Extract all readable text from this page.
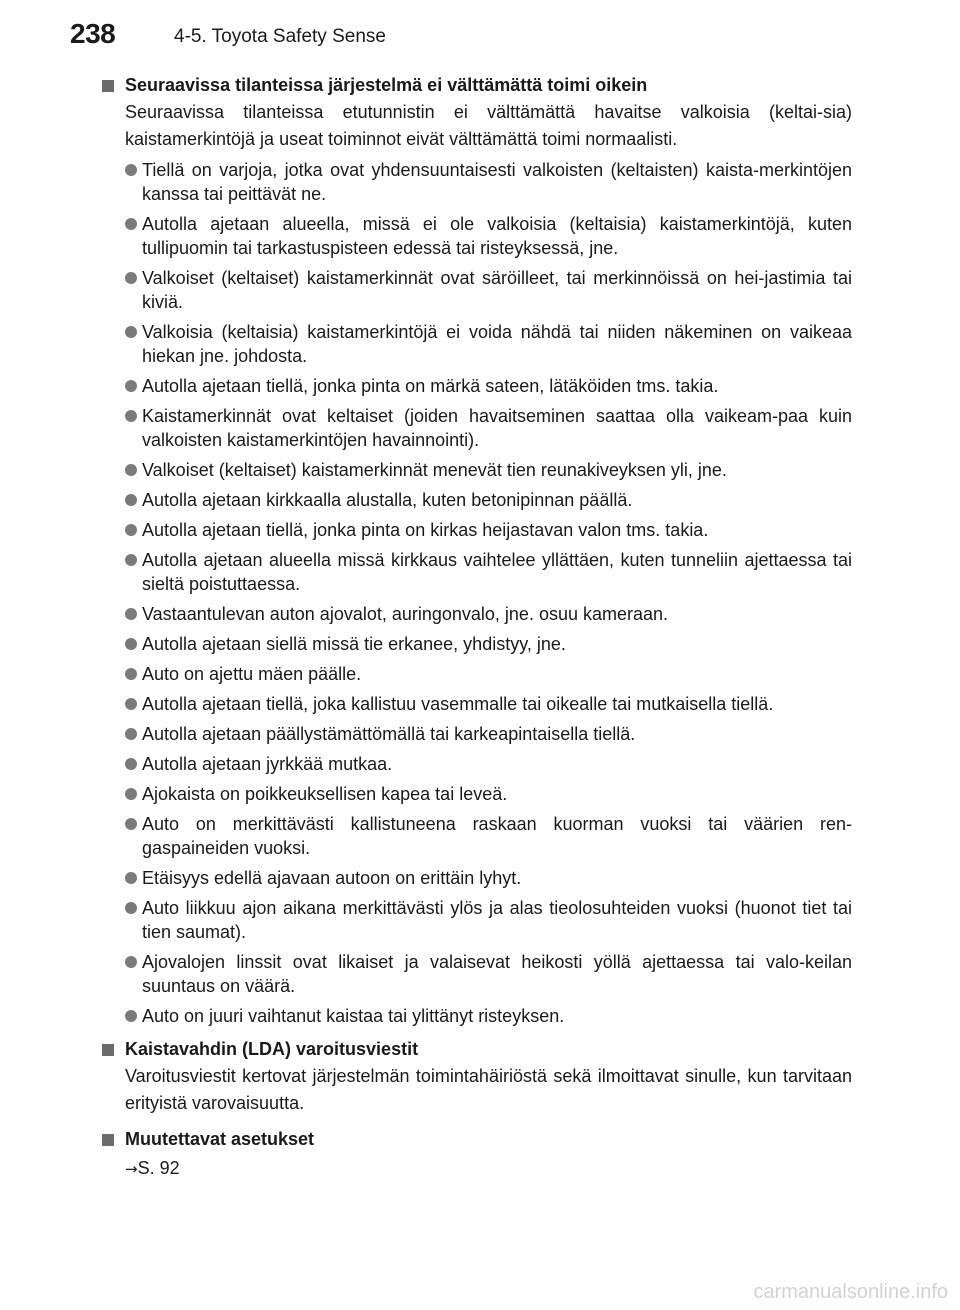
238	4-5. Toyota Safety Sense
Seuraavissa tilanteissa järjestelmä ei välttämättä toimi oikein
Seuraavissa tilanteissa etutunnistin ei välttämättä havaitse valkoisia (keltai-sia) kaistamerkintöjä ja useat toiminnot eivät välttämättä toimi normaalisti.
Tiellä on varjoja, jotka ovat yhdensuuntaisesti valkoisten (keltaisten) kaista-merkintöjen kanssa tai peittävät ne.
Autolla ajetaan alueella, missä ei ole valkoisia (keltaisia) kaistamerkintöjä, kuten tullipuomin tai tarkastuspisteen edessä tai risteyksessä, jne.
Valkoiset (keltaiset) kaistamerkinnät ovat säröilleet, tai merkinnöissä on hei-jastimia tai kiviä.
Valkoisia (keltaisia) kaistamerkintöjä ei voida nähdä tai niiden näkeminen on vaikeaa hiekan jne. johdosta.
Autolla ajetaan tiellä, jonka pinta on märkä sateen, lätäköiden tms. takia.
Kaistamerkinnät ovat keltaiset (joiden havaitseminen saattaa olla vaikeam-paa kuin valkoisten kaistamerkintöjen havainnointi).
Valkoiset (keltaiset) kaistamerkinnät menevät tien reunakiveyksen yli, jne.
Autolla ajetaan kirkkaalla alustalla, kuten betonipinnan päällä.
Autolla ajetaan tiellä, jonka pinta on kirkas heijastavan valon tms. takia.
Autolla ajetaan alueella missä kirkkaus vaihtelee yllättäen, kuten tunneliin ajettaessa tai sieltä poistuttaessa.
Vastaantulevan auton ajovalot, auringonvalo, jne. osuu kameraan.
Autolla ajetaan siellä missä tie erkanee, yhdistyy, jne.
Auto on ajettu mäen päälle.
Autolla ajetaan tiellä, joka kallistuu vasemmalle tai oikealle tai mutkaisella tiellä.
Autolla ajetaan päällystämättömällä tai karkeapintaisella tiellä.
Autolla ajetaan jyrkkää mutkaa.
Ajokaista on poikkeuksellisen kapea tai leveä.
Auto on merkittävästi kallistuneena raskaan kuorman vuoksi tai väärien ren-gaspaineiden vuoksi.
Etäisyys edellä ajavaan autoon on erittäin lyhyt.
Auto liikkuu ajon aikana merkittävästi ylös ja alas tieolosuhteiden vuoksi (huonot tiet tai tien saumat).
Ajovalojen linssit ovat likaiset ja valaisevat heikosti yöllä ajettaessa tai valo-keilan suuntaus on väärä.
Auto on juuri vaihtanut kaistaa tai ylittänyt risteyksen.
Kaistavahdin (LDA) varoitusviestit
Varoitusviestit kertovat järjestelmän toimintahäiriöstä sekä ilmoittavat sinulle, kun tarvitaan erityistä varovaisuutta.
Muutettavat asetukset
→S. 92
carmanualsonline.info
